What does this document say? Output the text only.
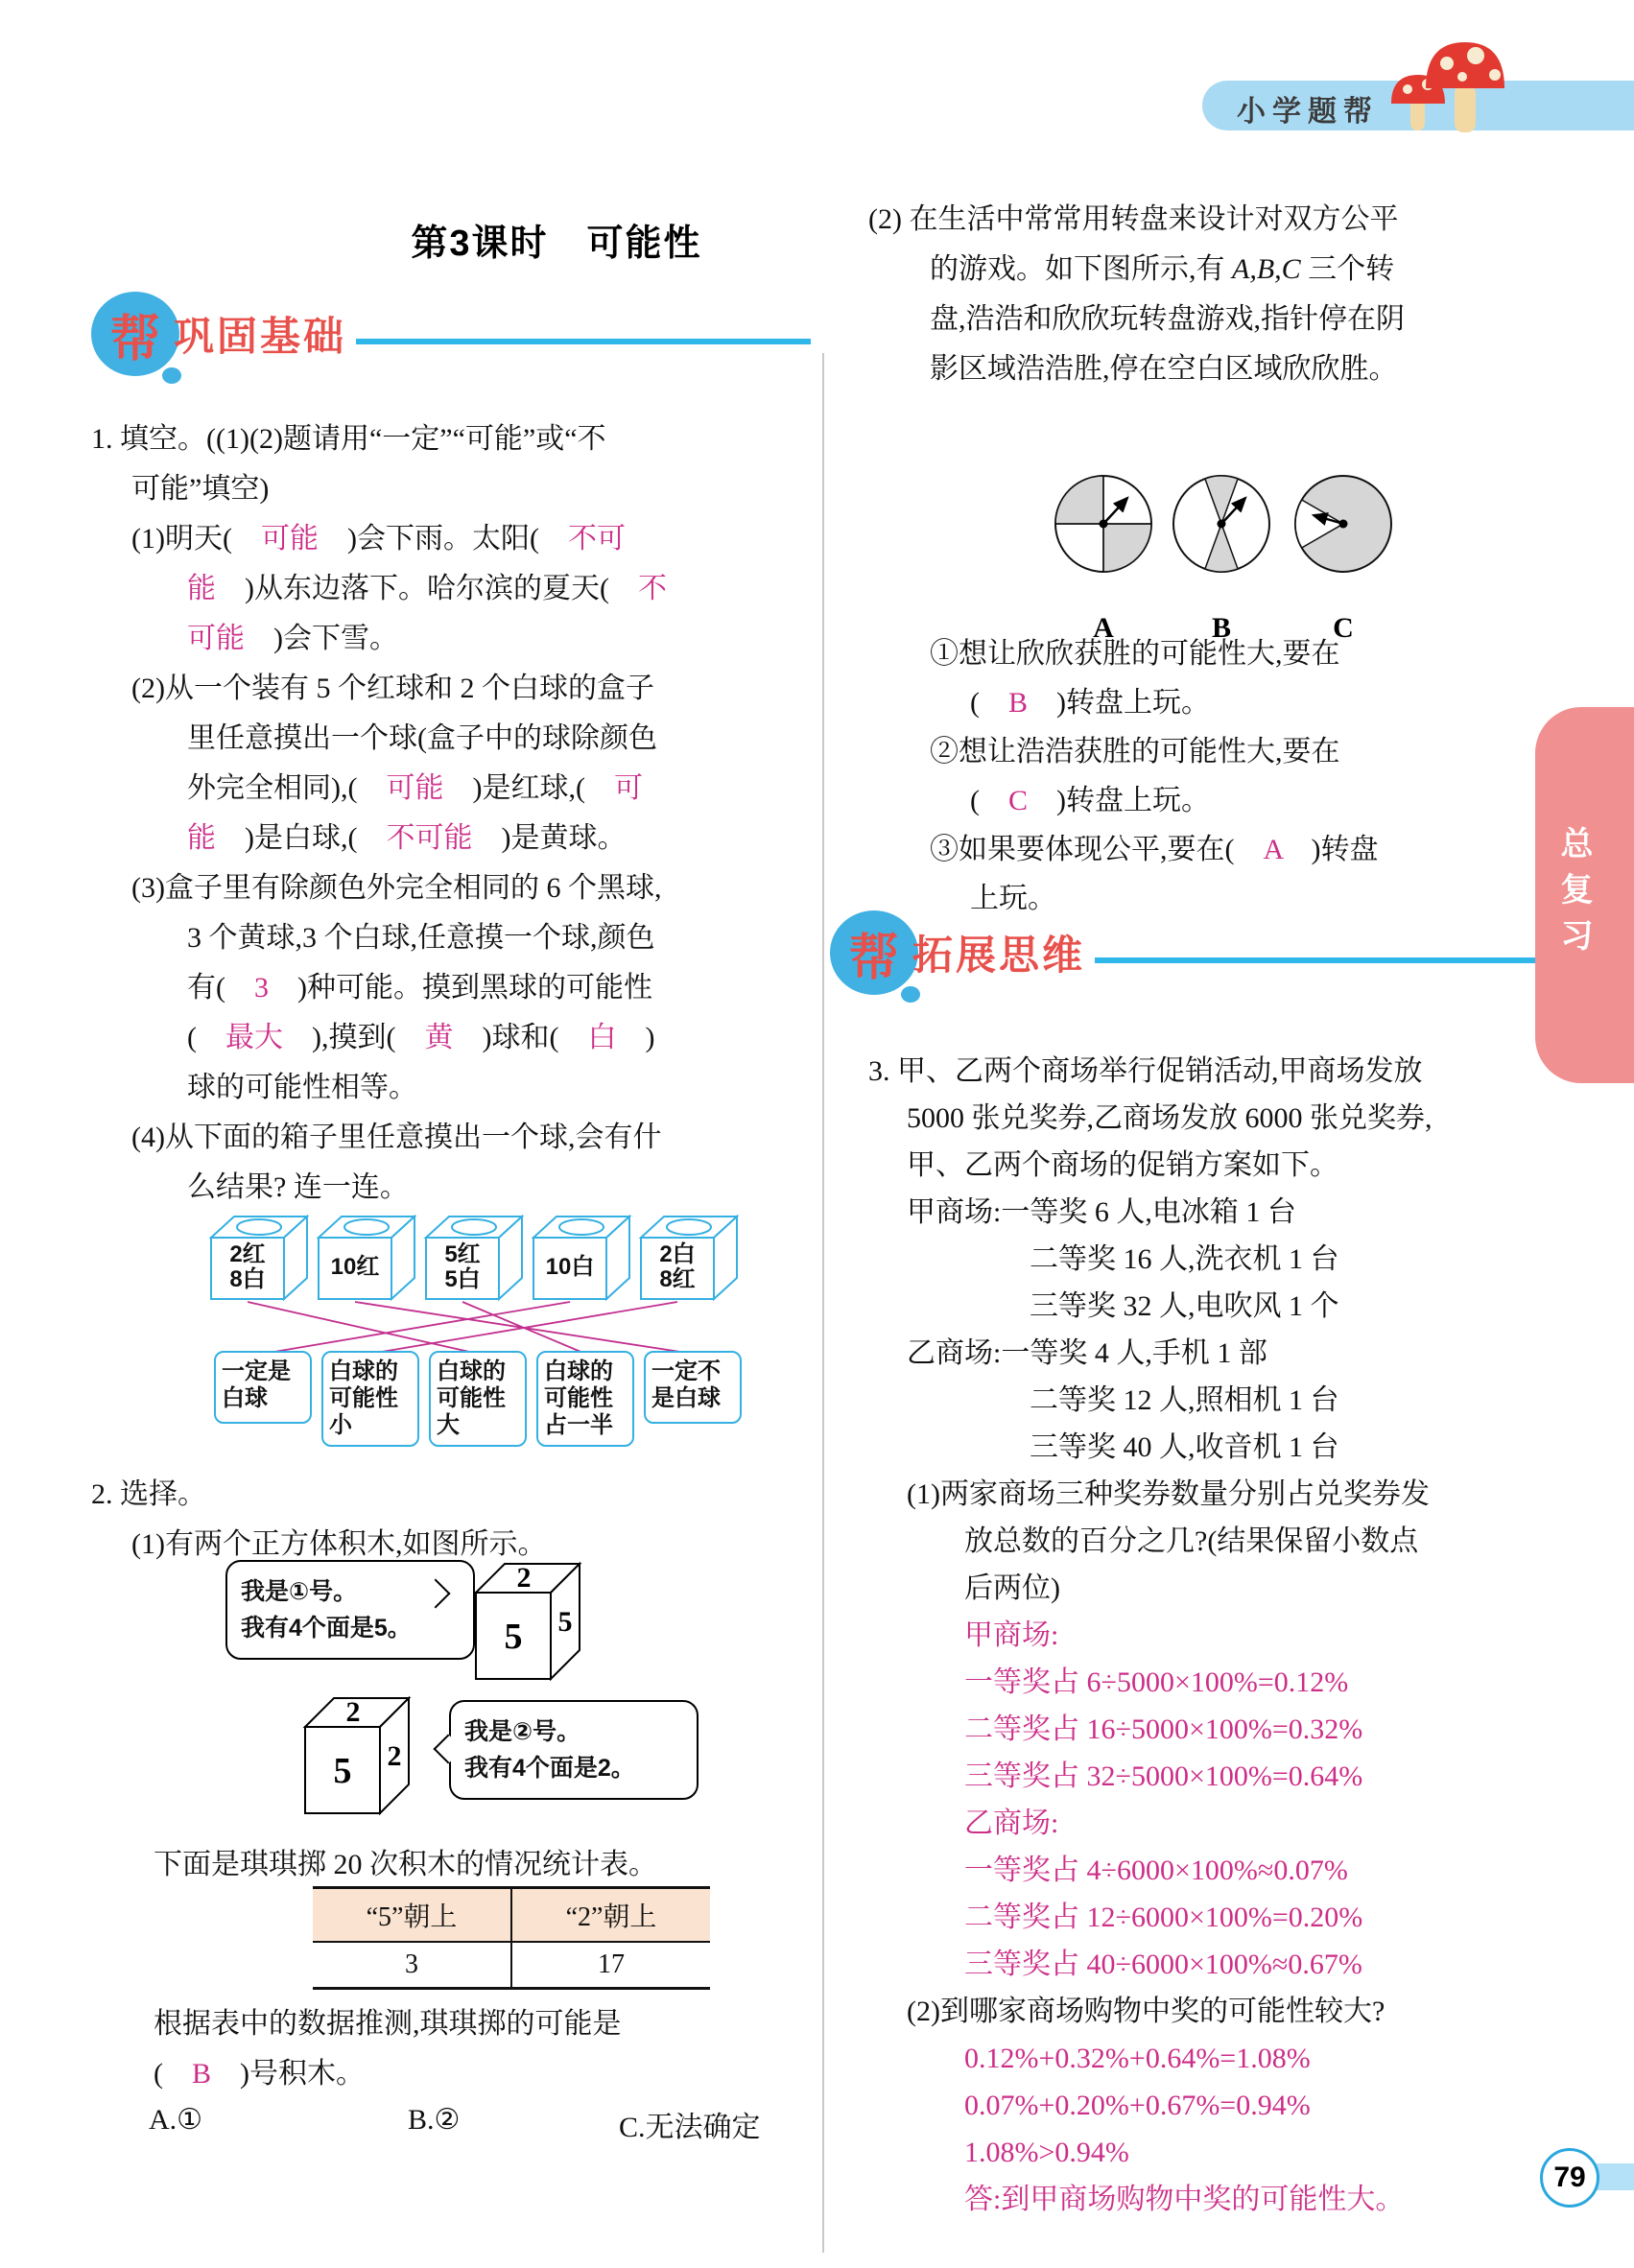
小学题帮
第3课时　可能性
帮 巩固基础
1. 填空。((1)(2)题请用“一定”“可能”或“不
可能”填空)
(1)明天(　可能　)会下雨。太阳(　不可
能　)从东边落下。哈尔滨的夏天(　不
可能　)会下雪。
(2)从一个装有 5 个红球和 2 个白球的盒子
里任意摸出一个球(盒子中的球除颜色
外完全相同),(　可能　)是红球,(　可
能　)是白球,(　不可能　)是黄球。
(3)盒子里有除颜色外完全相同的 6 个黑球,
3 个黄球,3 个白球,任意摸一个球,颜色
有(　3　)种可能。摸到黑球的可能性
(　最大　),摸到(　黄　)球和(　白　)
球的可能性相等。
(4)从下面的箱子里任意摸出一个球,会有什
么结果? 连一连。
2红
8白	10红	5红
5白	10白	2白
8红
一定是
白球
白球的
可能性
小
白球的
可能性
大
白球的
可能性
占一半
一定不
是白球
2. 选择。
(1)有两个正方体积木,如图所示。
我是①号。
我有4个面是5。
2
5 5
2
5 2
我是②号。
我有4个面是2。
下面是琪琪掷 20 次积木的情况统计表。
“5”朝上	“2”朝上
3	17
根据表中的数据推测,琪琪掷的可能是
(　B　)号积木。
A.①	B.②	C.无法确定
(2) 在生活中常常用转盘来设计对双方公平
的游戏。如下图所示,有 A,B,C 三个转
盘,浩浩和欣欣玩转盘游戏,指针停在阴
影区域浩浩胜,停在空白区域欣欣胜。
A	B	C
①想让欣欣获胜的可能性大,要在
(　B　)转盘上玩。
②想让浩浩获胜的可能性大,要在
(　C　)转盘上玩。
③如果要体现公平,要在(　A　)转盘
上玩。
帮 拓展思维
3. 甲、乙两个商场举行促销活动,甲商场发放
5000 张兑奖券,乙商场发放 6000 张兑奖券,
甲、乙两个商场的促销方案如下。
甲商场:一等奖 6 人,电冰箱 1 台
二等奖 16 人,洗衣机 1 台
三等奖 32 人,电吹风 1 个
乙商场:一等奖 4 人,手机 1 部
二等奖 12 人,照相机 1 台
三等奖 40 人,收音机 1 台
(1)两家商场三种奖券数量分别占兑奖券发
放总数的百分之几?(结果保留小数点
后两位)
甲商场:
一等奖占 6÷5000×100%=0.12%
二等奖占 16÷5000×100%=0.32%
三等奖占 32÷5000×100%=0.64%
乙商场:
一等奖占 4÷6000×100%≈0.07%
二等奖占 12÷6000×100%=0.20%
三等奖占 40÷6000×100%≈0.67%
(2)到哪家商场购物中奖的可能性较大?
0.12%+0.32%+0.64%=1.08%
0.07%+0.20%+0.67%=0.94%
1.08%>0.94%
答:到甲商场购物中奖的可能性大。
总复习
79
